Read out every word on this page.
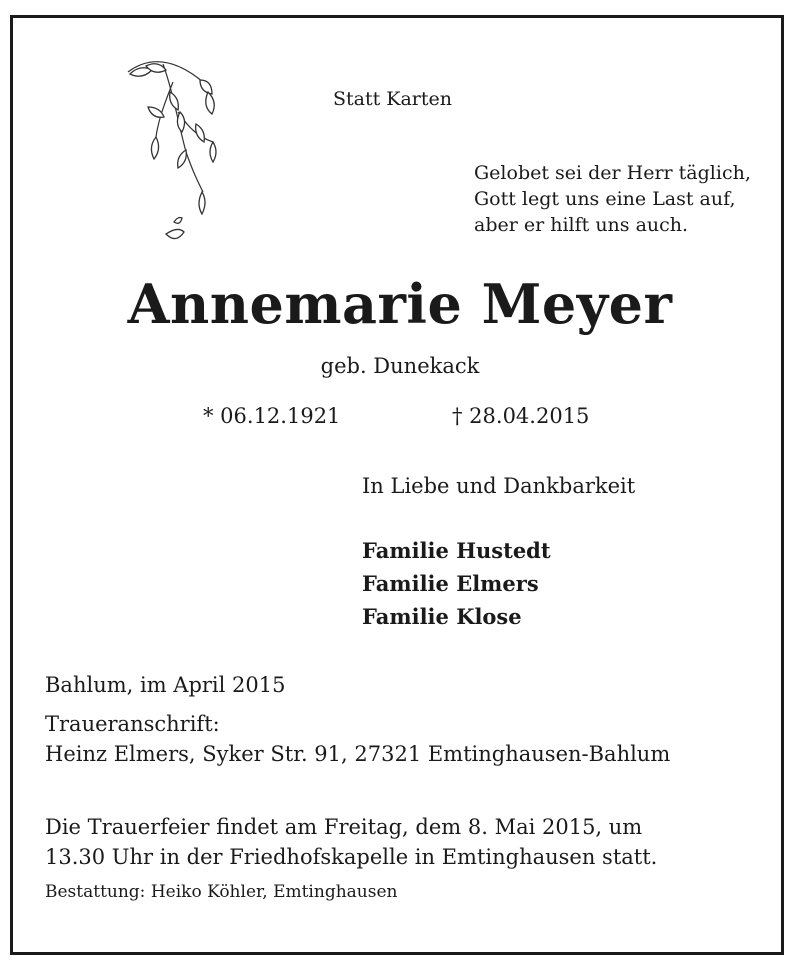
Statt Karten
Gelobet sei der Herr täglich,
Gott legt uns eine Last auf,
aber er hilft uns auch.
Annemarie Meyer
geb. Dunekack
* 06.12.1921	† 28.04.2015
In Liebe und Dankbarkeit
Familie Hustedt
Familie Elmers
Familie Klose
Bahlum, im April 2015
Traueranschrift:
Heinz Elmers, Syker Str. 91, 27321 Emtinghausen-Bahlum
Die Trauerfeier findet am Freitag, dem 8. Mai 2015, um
13.30 Uhr in der Friedhofskapelle in Emtinghausen statt.
Bestattung: Heiko Köhler, Emtinghausen
